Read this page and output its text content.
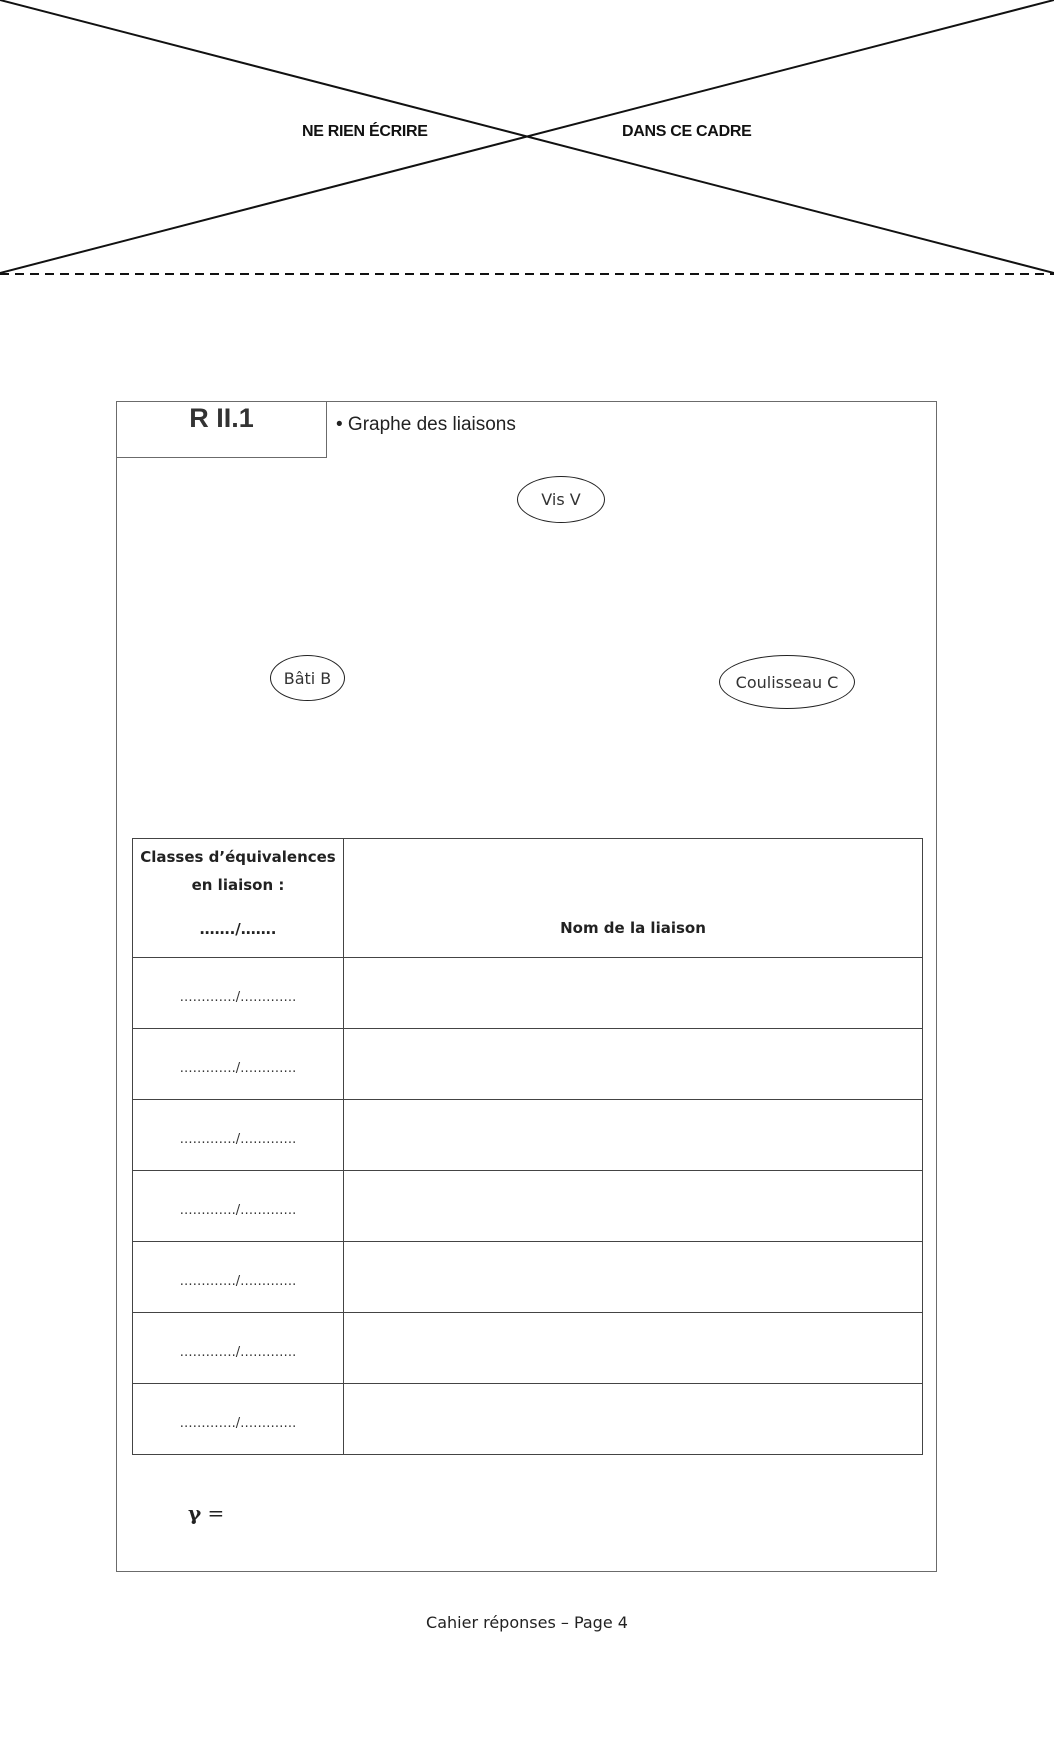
NE RIEN ÉCRIRE	DANS CE CADRE
R II.1	• Graphe des liaisons
Vis V
Bâti B	Coulisseau C
Classes d’équivalences
en liaison :
……./…….	Nom de la liaison
…………./………….	
…………./………….	
…………./………….	
…………./………….	
…………./………….	
…………./………….	
…………./………….	
γ =
Cahier réponses – Page 4
